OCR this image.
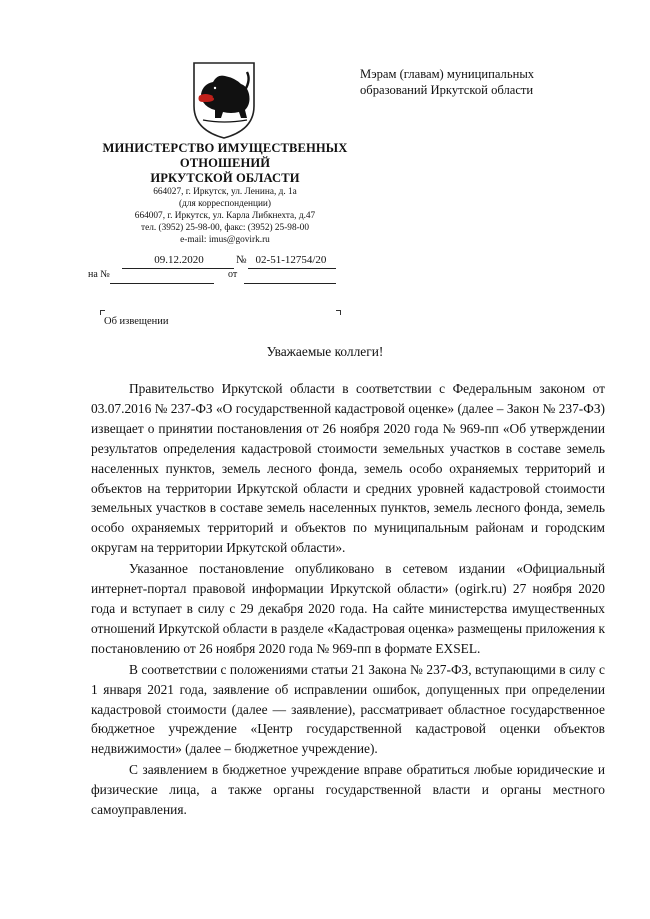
МИНИСТЕРСТВО ИМУЩЕСТВЕННЫХ
ОТНОШЕНИЙ
ИРКУТСКОЙ ОБЛАСТИ
664027, г. Иркутск, ул. Ленина, д. 1а
(для корреспонденции)
664007, г. Иркутск, ул. Карла Либкнехта, д.47
тел. (3952) 25-98-00, факс: (3952) 25-98-00
e-mail: imus@govirk.ru
09.12.2020	№ 02-51-12754/20
на №	от
Об извещении
Мэрам (главам) муниципальных
образований Иркутской области
Уважаемые коллеги!

Правительство Иркутской области в соответствии с Федеральным законом от 03.07.2016 № 237-ФЗ «О государственной кадастровой оценке» (далее – Закон № 237-ФЗ) извещает о принятии постановления от 26 ноября 2020 года № 969-пп «Об утверждении результатов определения кадастровой стоимости земельных участков в составе земель населенных пунктов, земель лесного фонда, земель особо охраняемых территорий и объектов на территории Иркутской области и средних уровней кадастровой стоимости земельных участков в составе земель населенных пунктов, земель лесного фонда, земель особо охраняемых территорий и объектов по муниципальным районам и городским округам на территории Иркутской области».

Указанное постановление опубликовано в сетевом издании «Официальный интернет-портал правовой информации Иркутской области» (ogirk.ru) 27 ноября 2020 года и вступает в силу с 29 декабря 2020 года. На сайте министерства имущественных отношений Иркутской области в разделе «Кадастровая оценка» размещены приложения к постановлению от 26 ноября 2020 года № 969-пп в формате EXSEL.

В соответствии с положениями статьи 21 Закона № 237-ФЗ, вступающими в силу с 1 января 2021 года, заявление об исправлении ошибок, допущенных при определении кадастровой стоимости (далее — заявление), рассматривает областное государственное бюджетное учреждение «Центр государственной кадастровой оценки объектов недвижимости» (далее – бюджетное учреждение).

С заявлением в бюджетное учреждение вправе обратиться любые юридические и физические лица, а также органы государственной власти и органы местного самоуправления.
